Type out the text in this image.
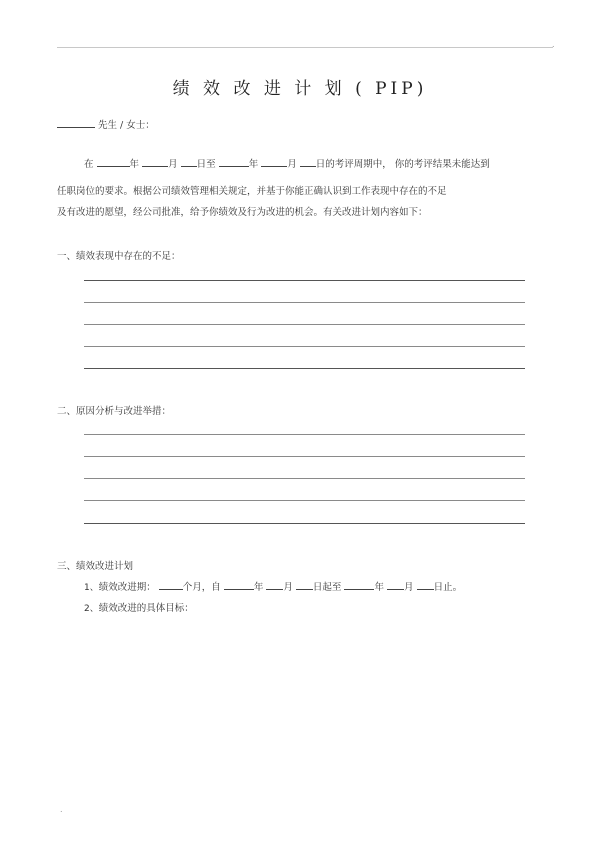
.
绩 效 改 进 计 划 ( PIP)
先生 / 女士：
在	年	月 日至	年	月 日的考评周期中， 你的考评结果未能达到
任职岗位的要求。根据公司绩效管理相关规定，并基于你能正确认识到工作表现中存在的不足
及有改进的愿望，经公司批准，给予你绩效及行为改进的机会。有关改进计划内容如下：
一、绩效表现中存在的不足：
二、原因分析与改进举措：
三、绩效改进计划
1、绩效改进期：	个月，自	年 月 日起至	年 月 日止。
2、绩效改进的具体目标：
.
